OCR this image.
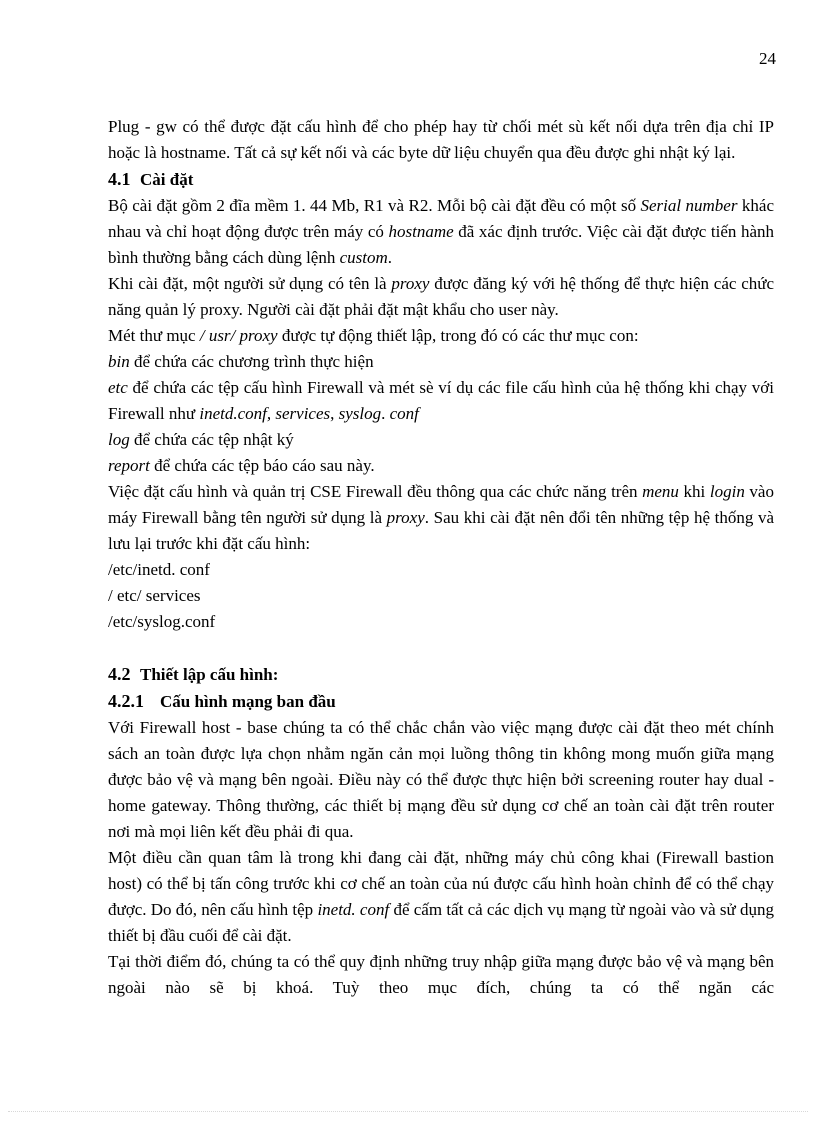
24

Plug - gw có thể được đặt cấu hình để cho phép hay từ chối mét sù kết nối dựa trên địa chỉ IP hoặc là hostname. Tất cả sự kết nối và các byte dữ liệu chuyển qua đều được ghi nhật ký lại.

4.1 Cài đặt

Bộ cài đặt gồm 2 đĩa mềm 1. 44 Mb, R1 và R2. Mỗi bộ cài đặt đều có một số Serial number khác nhau và chỉ hoạt động được trên máy có hostname đã xác định trước. Việc cài đặt được tiến hành bình thường bằng cách dùng lệnh custom.

Khi cài đặt, một người sử dụng có tên là proxy được đăng ký với hệ thống để thực hiện các chức năng quản lý proxy. Người cài đặt phải đặt mật khẩu cho user này.

Mét thư mục / usr/ proxy được tự động thiết lập, trong đó có các thư mục con:

bin để chứa các chương trình thực hiện

etc để chứa các tệp cấu hình Firewall và mét sè ví dụ các file cấu hình của hệ thống khi chạy với Firewall như inetd.conf, services, syslog. conf

log để chứa các tệp nhật ký

report để chứa các tệp báo cáo sau này.

Việc đặt cấu hình và quản trị CSE Firewall đều thông qua các chức năng trên menu khi login vào máy Firewall bằng tên người sử dụng là proxy. Sau khi cài đặt nên đổi tên những tệp hệ thống và lưu lại trước khi đặt cấu hình:

/etc/inetd. conf

/ etc/ services

/etc/syslog.conf

4.2 Thiết lập cấu hình:
4.2.1 Cấu hình mạng ban đầu

Với Firewall host - base chúng ta có thể chắc chắn vào việc mạng được cài đặt theo mét chính sách an toàn được lựa chọn nhằm ngăn cản mọi luồng thông tin không mong muốn giữa mạng được bảo vệ và mạng bên ngoài. Điều này có thể được thực hiện bởi screening router hay dual - home gateway. Thông thường, các thiết bị mạng đều sử dụng cơ chế an toàn cài đặt trên router nơi mà mọi liên kết đều phải đi qua.

Một điều cần quan tâm là trong khi đang cài đặt, những máy chủ công khai (Firewall bastion host) có thể bị tấn công trước khi cơ chế an toàn của nú được cấu hình hoàn chỉnh để có thể chạy được. Do đó, nên cấu hình tệp inetd. conf để cấm tất cả các dịch vụ mạng từ ngoài vào và sử dụng thiết bị đầu cuối để cài đặt.

Tại thời điểm đó, chúng ta có thể quy định những truy nhập giữa mạng được bảo vệ và mạng bên ngoài nào sẽ bị khoá. Tuỳ theo mục đích, chúng ta có thể ngăn các
